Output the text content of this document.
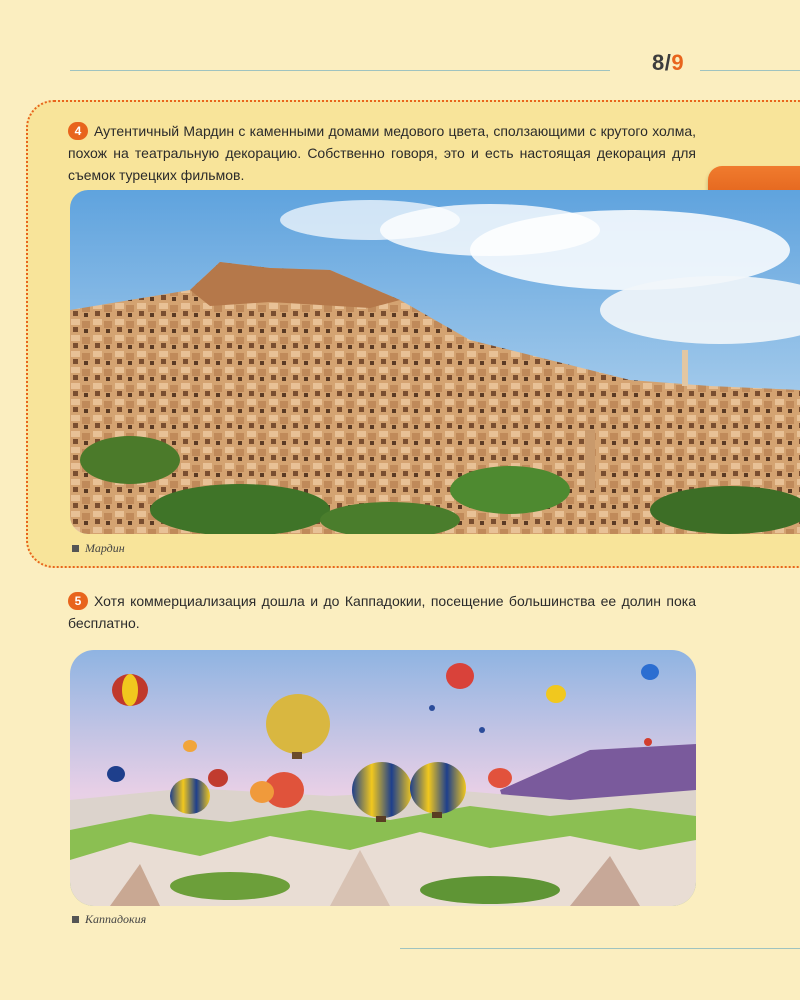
8/9
4 Аутентичный Мардин с каменными домами медового цвета, сползающими с крутого холма, похож на театральную декорацию. Собственно говоря, это и есть настоящая декорация для съемок турецких фильмов.
Мардин
5 Хотя коммерциализация дошла и до Каппадокии, посещение большинства ее долин пока бесплатно.
Каппадокия
